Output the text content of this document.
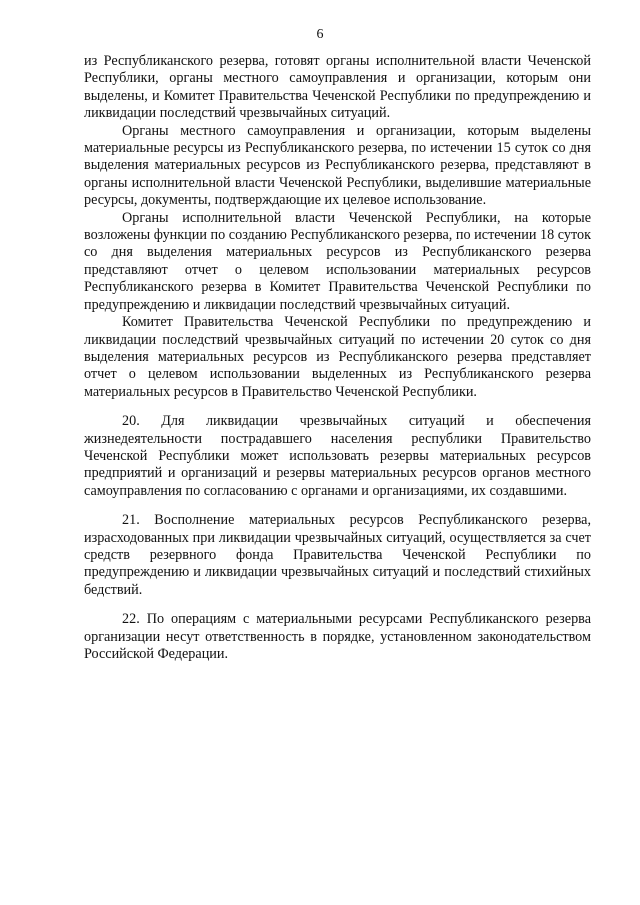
6

из Республиканского резерва, готовят органы исполнительной власти Чеченской Республики, органы местного самоуправления и организации, которым они выделены, и Комитет Правительства Чеченской Республики по предупреждению и ликвидации последствий чрезвычайных ситуаций.

Органы местного самоуправления и организации, которым выделены материальные ресурсы из Республиканского резерва, по истечении 15 суток со дня выделения материальных ресурсов из Республиканского резерва, представляют в органы исполнительной власти Чеченской Республики, выделившие материальные ресурсы, документы, подтверждающие их целевое использование.

Органы исполнительной власти Чеченской Республики, на которые возложены функции по созданию Республиканского резерва, по истечении 18 суток со дня выделения материальных ресурсов из Республиканского резерва представляют отчет о целевом использовании материальных ресурсов Республиканского резерва в Комитет Правительства Чеченской Республики по предупреждению и ликвидации последствий чрезвычайных ситуаций.

Комитет Правительства Чеченской Республики по предупреждению и ликвидации последствий чрезвычайных ситуаций по истечении 20 суток со дня выделения материальных ресурсов из Республиканского резерва представляет отчет о целевом использовании выделенных из Республиканского резерва материальных ресурсов в Правительство Чеченской Республики.

20. Для ликвидации чрезвычайных ситуаций и обеспечения жизнедеятельности пострадавшего населения республики Правительство Чеченской Республики может использовать резервы материальных ресурсов предприятий и организаций и резервы материальных ресурсов органов местного самоуправления по согласованию с органами и организациями, их создавшими.

21. Восполнение материальных ресурсов Республиканского резерва, израсходованных при ликвидации чрезвычайных ситуаций, осуществляется за счет средств резервного фонда Правительства Чеченской Республики по предупреждению и ликвидации чрезвычайных ситуаций и последствий стихийных бедствий.

22. По операциям с материальными ресурсами Республиканского резерва организации несут ответственность в порядке, установленном законодательством Российской Федерации.
